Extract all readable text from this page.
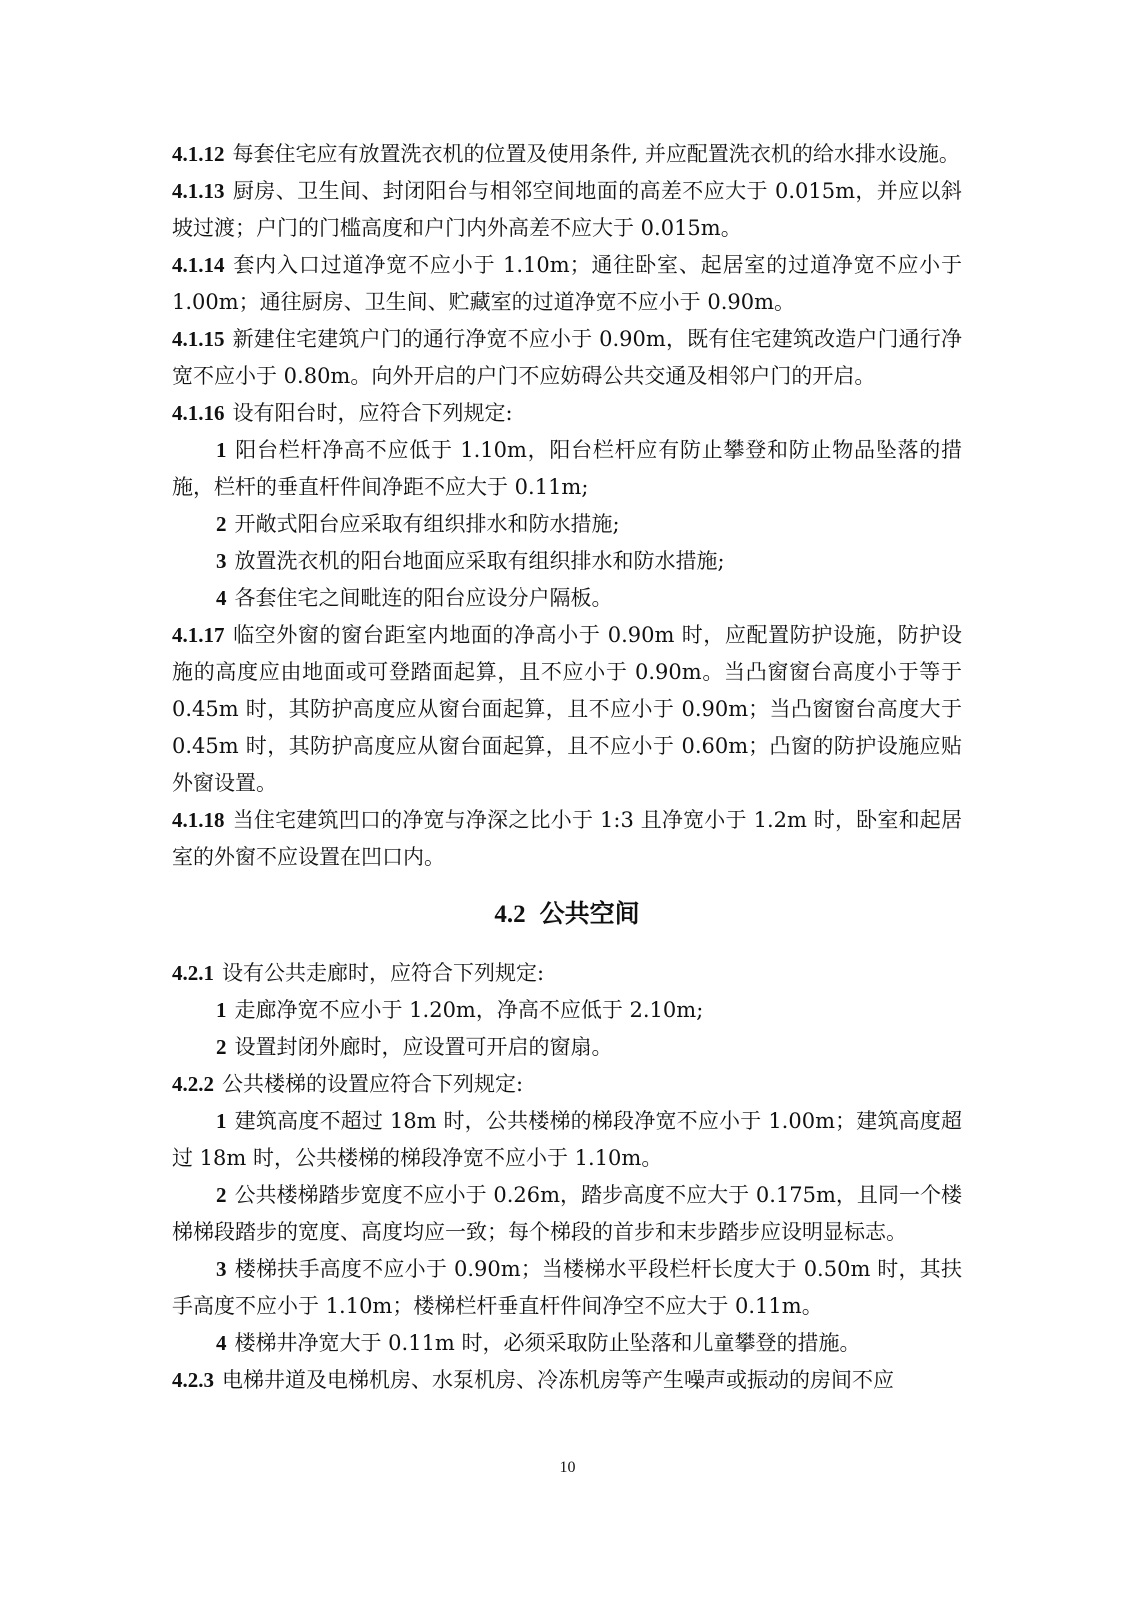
4.1.12 每套住宅应有放置洗衣机的位置及使用条件, 并应配置洗衣机的给水排水设施。

4.1.13 厨房、卫生间、封闭阳台与相邻空间地面的高差不应大于 0.015m，并应以斜坡过渡；户门的门槛高度和户门内外高差不应大于 0.015m。

4.1.14 套内入口过道净宽不应小于 1.10m；通往卧室、起居室的过道净宽不应小于 1.00m；通往厨房、卫生间、贮藏室的过道净宽不应小于 0.90m。

4.1.15 新建住宅建筑户门的通行净宽不应小于 0.90m，既有住宅建筑改造户门通行净宽不应小于 0.80m。向外开启的户门不应妨碍公共交通及相邻户门的开启。

4.1.16 设有阳台时，应符合下列规定:

1 阳台栏杆净高不应低于 1.10m，阳台栏杆应有防止攀登和防止物品坠落的措施，栏杆的垂直杆件间净距不应大于 0.11m;

2 开敞式阳台应采取有组织排水和防水措施;

3 放置洗衣机的阳台地面应采取有组织排水和防水措施;

4 各套住宅之间毗连的阳台应设分户隔板。

4.1.17 临空外窗的窗台距室内地面的净高小于 0.90m 时，应配置防护设施，防护设施的高度应由地面或可登踏面起算，且不应小于 0.90m。当凸窗窗台高度小于等于 0.45m 时，其防护高度应从窗台面起算，且不应小于 0.90m；当凸窗窗台高度大于 0.45m 时，其防护高度应从窗台面起算，且不应小于 0.60m；凸窗的防护设施应贴外窗设置。

4.1.18 当住宅建筑凹口的净宽与净深之比小于 1:3 且净宽小于 1.2m 时，卧室和起居室的外窗不应设置在凹口内。

4.2 公共空间

4.2.1 设有公共走廊时，应符合下列规定:

1 走廊净宽不应小于 1.20m，净高不应低于 2.10m;

2 设置封闭外廊时，应设置可开启的窗扇。

4.2.2 公共楼梯的设置应符合下列规定:

1 建筑高度不超过 18m 时，公共楼梯的梯段净宽不应小于 1.00m；建筑高度超过 18m 时，公共楼梯的梯段净宽不应小于 1.10m。

2 公共楼梯踏步宽度不应小于 0.26m，踏步高度不应大于 0.175m，且同一个楼梯梯段踏步的宽度、高度均应一致；每个梯段的首步和末步踏步应设明显标志。

3 楼梯扶手高度不应小于 0.90m；当楼梯水平段栏杆长度大于 0.50m 时，其扶手高度不应小于 1.10m；楼梯栏杆垂直杆件间净空不应大于 0.11m。

4 楼梯井净宽大于 0.11m 时，必须采取防止坠落和儿童攀登的措施。

4.2.3 电梯井道及电梯机房、水泵机房、冷冻机房等产生噪声或振动的房间不应

10
